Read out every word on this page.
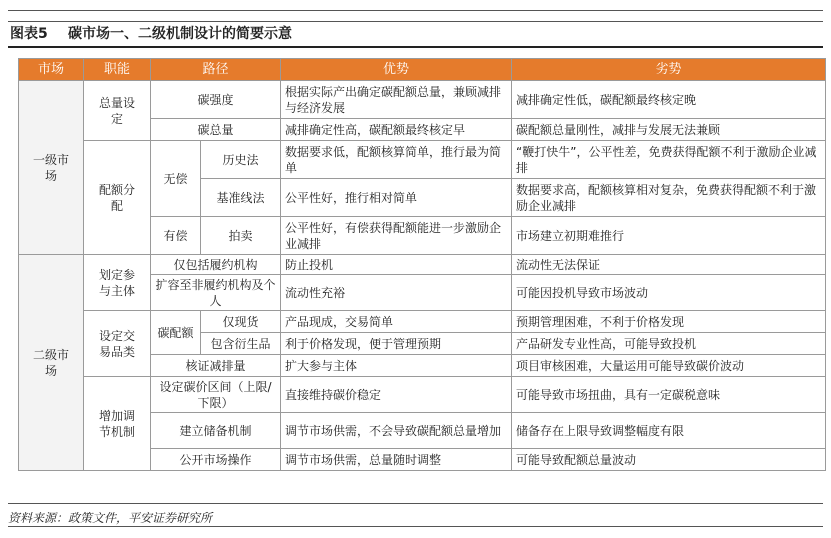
图表5 碳市场一、二级机制设计的简要示意
市场	职能	路径		优势	劣势
一级市场	总量设定	碳强度		根据实际产出确定碳配额总量，兼顾减排与经济发展	减排确定性低，碳配额最终核定晚
		碳总量		减排确定性高，碳配额最终核定早	碳配额总量刚性，减排与发展无法兼顾
	配额分配	无偿	历史法	数据要求低，配额核算简单，推行最为简单	“鞭打快牛”，公平性差，免费获得配额不利于激励企业减排
			基准线法	公平性好，推行相对简单	数据要求高，配额核算相对复杂，免费获得配额不利于激励企业减排
		有偿	拍卖	公平性好，有偿获得配额能进一步激励企业减排	市场建立初期难推行
二级市场	划定参与主体	仅包括履约机构		防止投机	流动性无法保证
		扩容至非履约机构及个人		流动性充裕	可能因投机导致市场波动
	设定交易品类	碳配额	仅现货	产品现成，交易简单	预期管理困难，不利于价格发现
			包含衍生品	利于价格发现，便于管理预期	产品研发专业性高，可能导致投机
		核证减排量		扩大参与主体	项目审核困难，大量运用可能导致碳价波动
	增加调节机制	设定碳价区间（上限/下限）		直接维持碳价稳定	可能导致市场扭曲，具有一定碳税意味
		建立储备机制		调节市场供需，不会导致碳配额总量增加	储备存在上限导致调整幅度有限
		公开市场操作		调节市场供需，总量随时调整	可能导致配额总量波动
资料来源：政策文件，平安证券研究所
